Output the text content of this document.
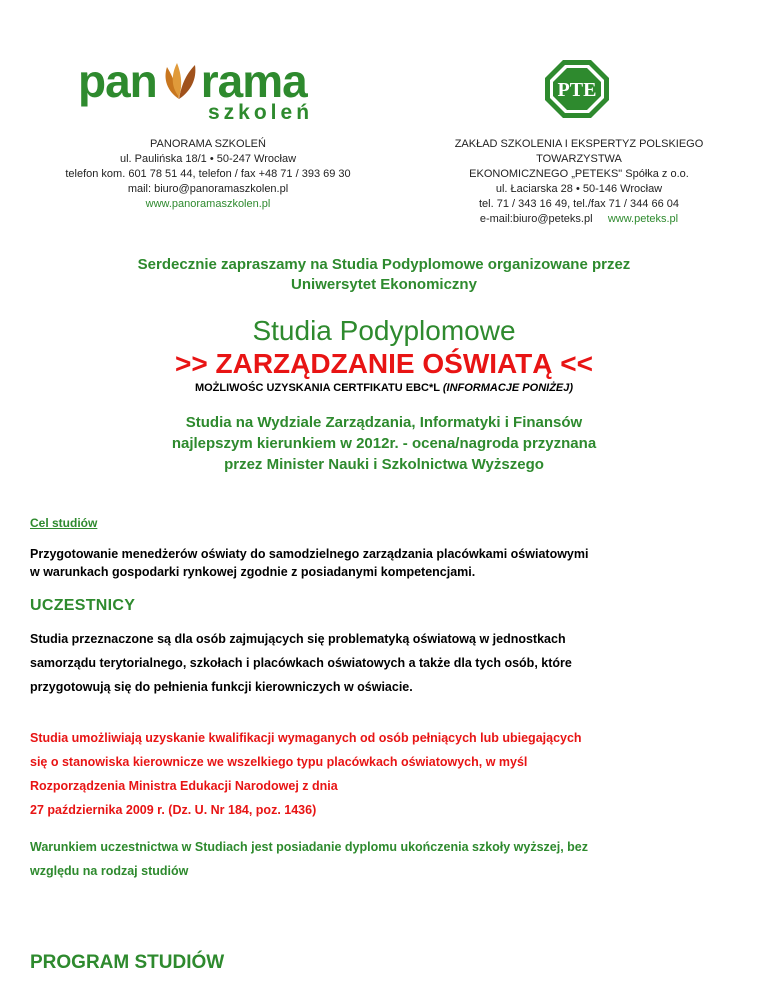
pan rama
szkoleń
PTE
PANORAMA SZKOLEŃ
ul. Paulińska 18/1 • 50-247 Wrocław
telefon kom. 601 78 51 44, telefon / fax +48 71 / 393 69 30
mail: biuro@panoramaszkolen.pl
www.panoramaszkolen.pl
ZAKŁAD SZKOLENIA I EKSPERTYZ POLSKIEGO TOWARZYSTWA
EKONOMICZNEGO „PETEKS" Spółka z o.o.
ul. Łaciarska 28 • 50-146 Wrocław
tel. 71 / 343 16 49, tel./fax 71 / 344 66 04
e-mail:biuro@peteks.pl www.peteks.pl
Serdecznie zapraszamy na Studia Podyplomowe organizowane przez
Uniwersytet Ekonomiczny
Studia Podyplomowe
>> ZARZĄDZANIE OŚWIATĄ <<
MOŻLIWOŚC UZYSKANIA CERTFIKATU EBC*L (INFORMACJE PONIŻEJ)
Studia na Wydziale Zarządzania, Informatyki i Finansów
najlepszym kierunkiem w 2012r. - ocena/nagroda przyznana
przez Minister Nauki i Szkolnictwa Wyższego
Cel studiów
Przygotowanie menedżerów oświaty do samodzielnego zarządzania placówkami oświatowymi
w warunkach gospodarki rynkowej zgodnie z posiadanymi kompetencjami.
UCZESTNICY
Studia przeznaczone są dla osób zajmujących się problematyką oświatową w jednostkach
samorządu terytorialnego, szkołach i placówkach oświatowych a także dla tych osób, które
przygotowują się do pełnienia funkcji kierowniczych w oświacie.
Studia umożliwiają uzyskanie kwalifikacji wymaganych od osób pełniących lub ubiegających
się o stanowiska kierownicze we wszelkiego typu placówkach oświatowych, w myśl
Rozporządzenia Ministra Edukacji Narodowej z dnia
27 października 2009 r. (Dz. U. Nr 184, poz. 1436)
Warunkiem uczestnictwa w Studiach jest posiadanie dyplomu ukończenia szkoły wyższej, bez
względu na rodzaj studiów
PROGRAM STUDIÓW
